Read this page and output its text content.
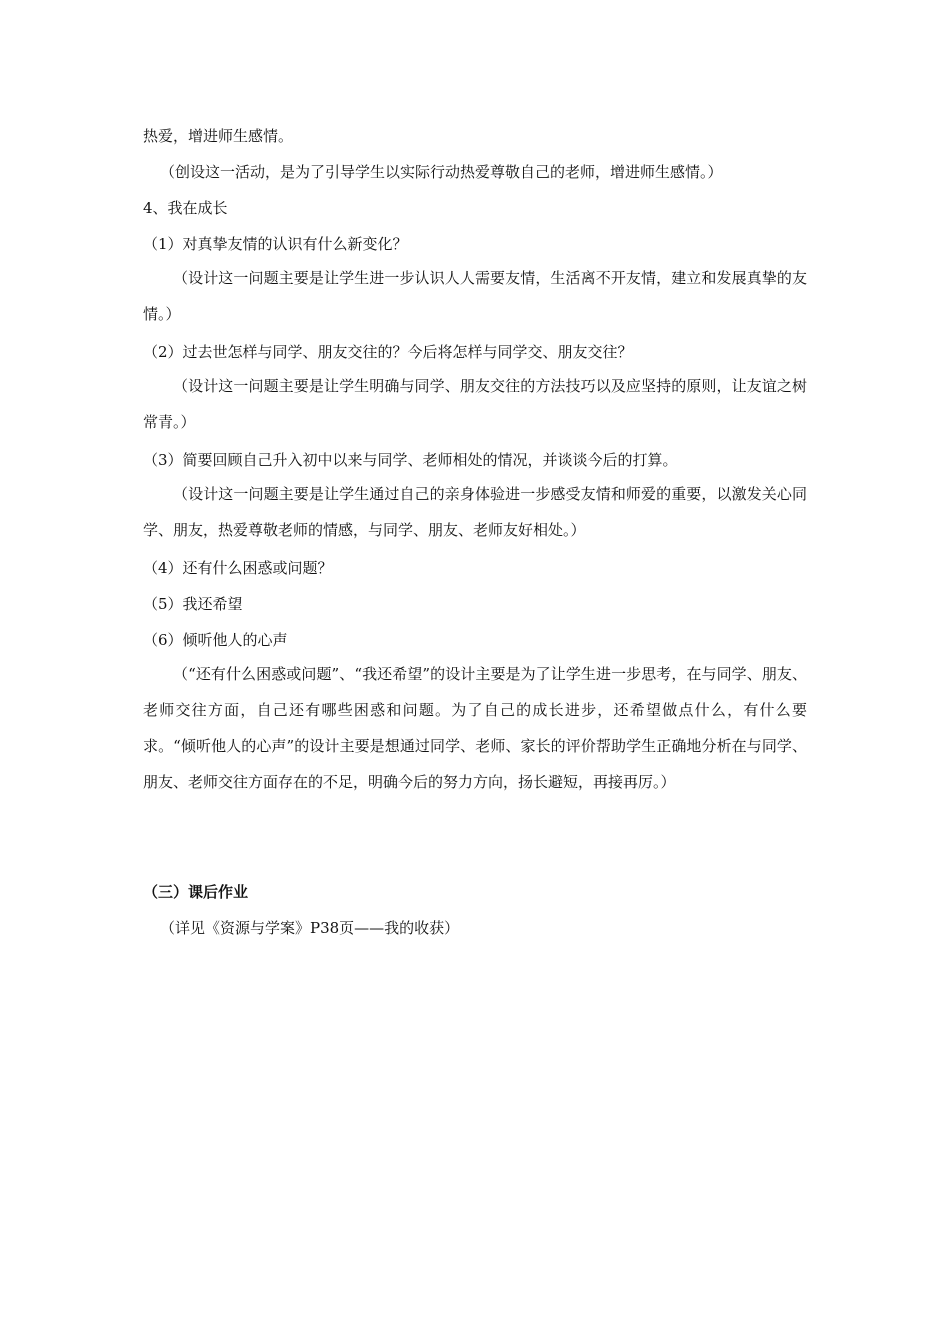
热爱，增进师生感情。
（创设这一活动，是为了引导学生以实际行动热爱尊敬自己的老师，增进师生感情。）
4、我在成长
（1）对真挚友情的认识有什么新变化？
（设计这一问题主要是让学生进一步认识人人需要友情，生活离不开友情，建立和发展真挚的友情。）
（2）过去世怎样与同学、朋友交往的？今后将怎样与同学交、朋友交往？
（设计这一问题主要是让学生明确与同学、朋友交往的方法技巧以及应坚持的原则，让友谊之树常青。）
（3）简要回顾自己升入初中以来与同学、老师相处的情况，并谈谈今后的打算。
（设计这一问题主要是让学生通过自己的亲身体验进一步感受友情和师爱的重要，以激发关心同学、朋友，热爱尊敬老师的情感，与同学、朋友、老师友好相处。）
（4）还有什么困惑或问题？
（5）我还希望
（6）倾听他人的心声
（“还有什么困惑或问题”、“我还希望”的设计主要是为了让学生进一步思考，在与同学、朋友、老师交往方面，自己还有哪些困惑和问题。为了自己的成长进步，还希望做点什么，有什么要求。“倾听他人的心声”的设计主要是想通过同学、老师、家长的评价帮助学生正确地分析在与同学、朋友、老师交往方面存在的不足，明确今后的努力方向，扬长避短，再接再厉。）
（三）课后作业
（详见《资源与学案》P38页——我的收获）
